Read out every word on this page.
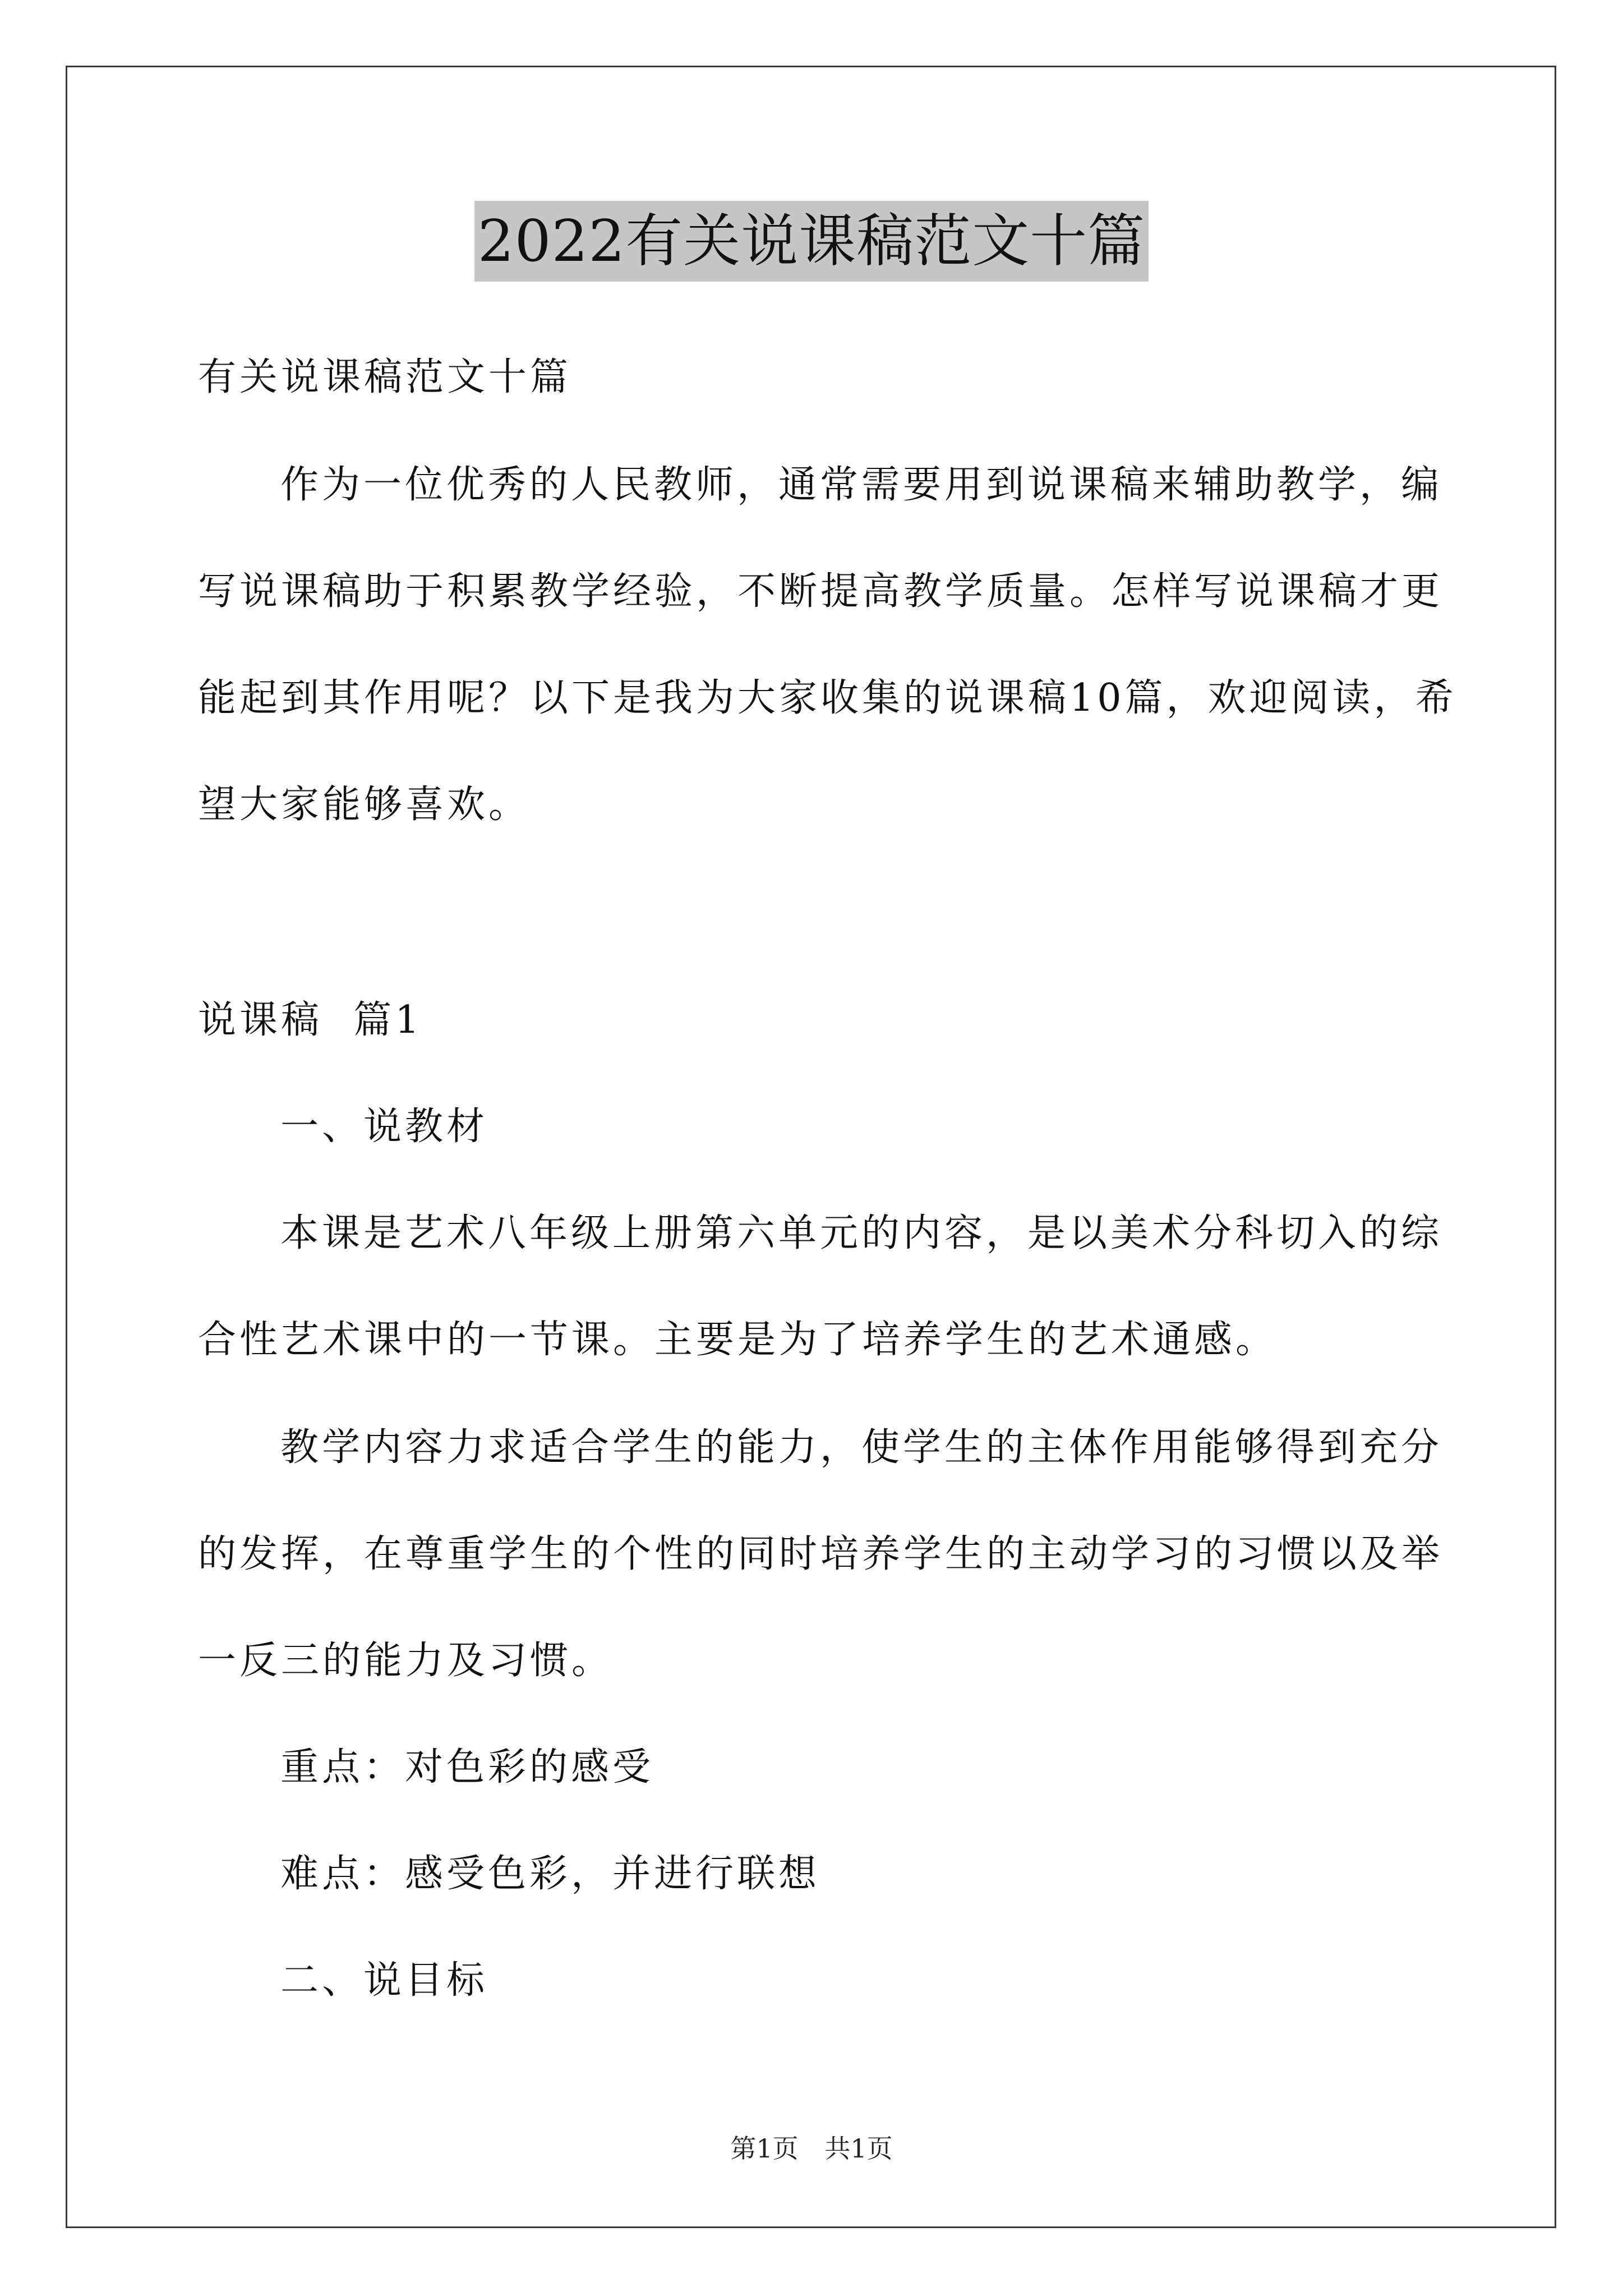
2022有关说课稿范文十篇
有关说课稿范文十篇
作为一位优秀的人民教师，通常需要用到说课稿来辅助教学，编
写说课稿助于积累教学经验，不断提高教学质量。怎样写说课稿才更
能起到其作用呢？以下是我为大家收集的说课稿10篇，欢迎阅读，希
望大家能够喜欢。
说课稿  篇1
一、说教材
本课是艺术八年级上册第六单元的内容，是以美术分科切入的综
合性艺术课中的一节课。主要是为了培养学生的艺术通感。
教学内容力求适合学生的能力，使学生的主体作用能够得到充分
的发挥，在尊重学生的个性的同时培养学生的主动学习的习惯以及举
一反三的能力及习惯。
重点：对色彩的感受
难点：感受色彩，并进行联想
二、说目标
第1页 共1页
